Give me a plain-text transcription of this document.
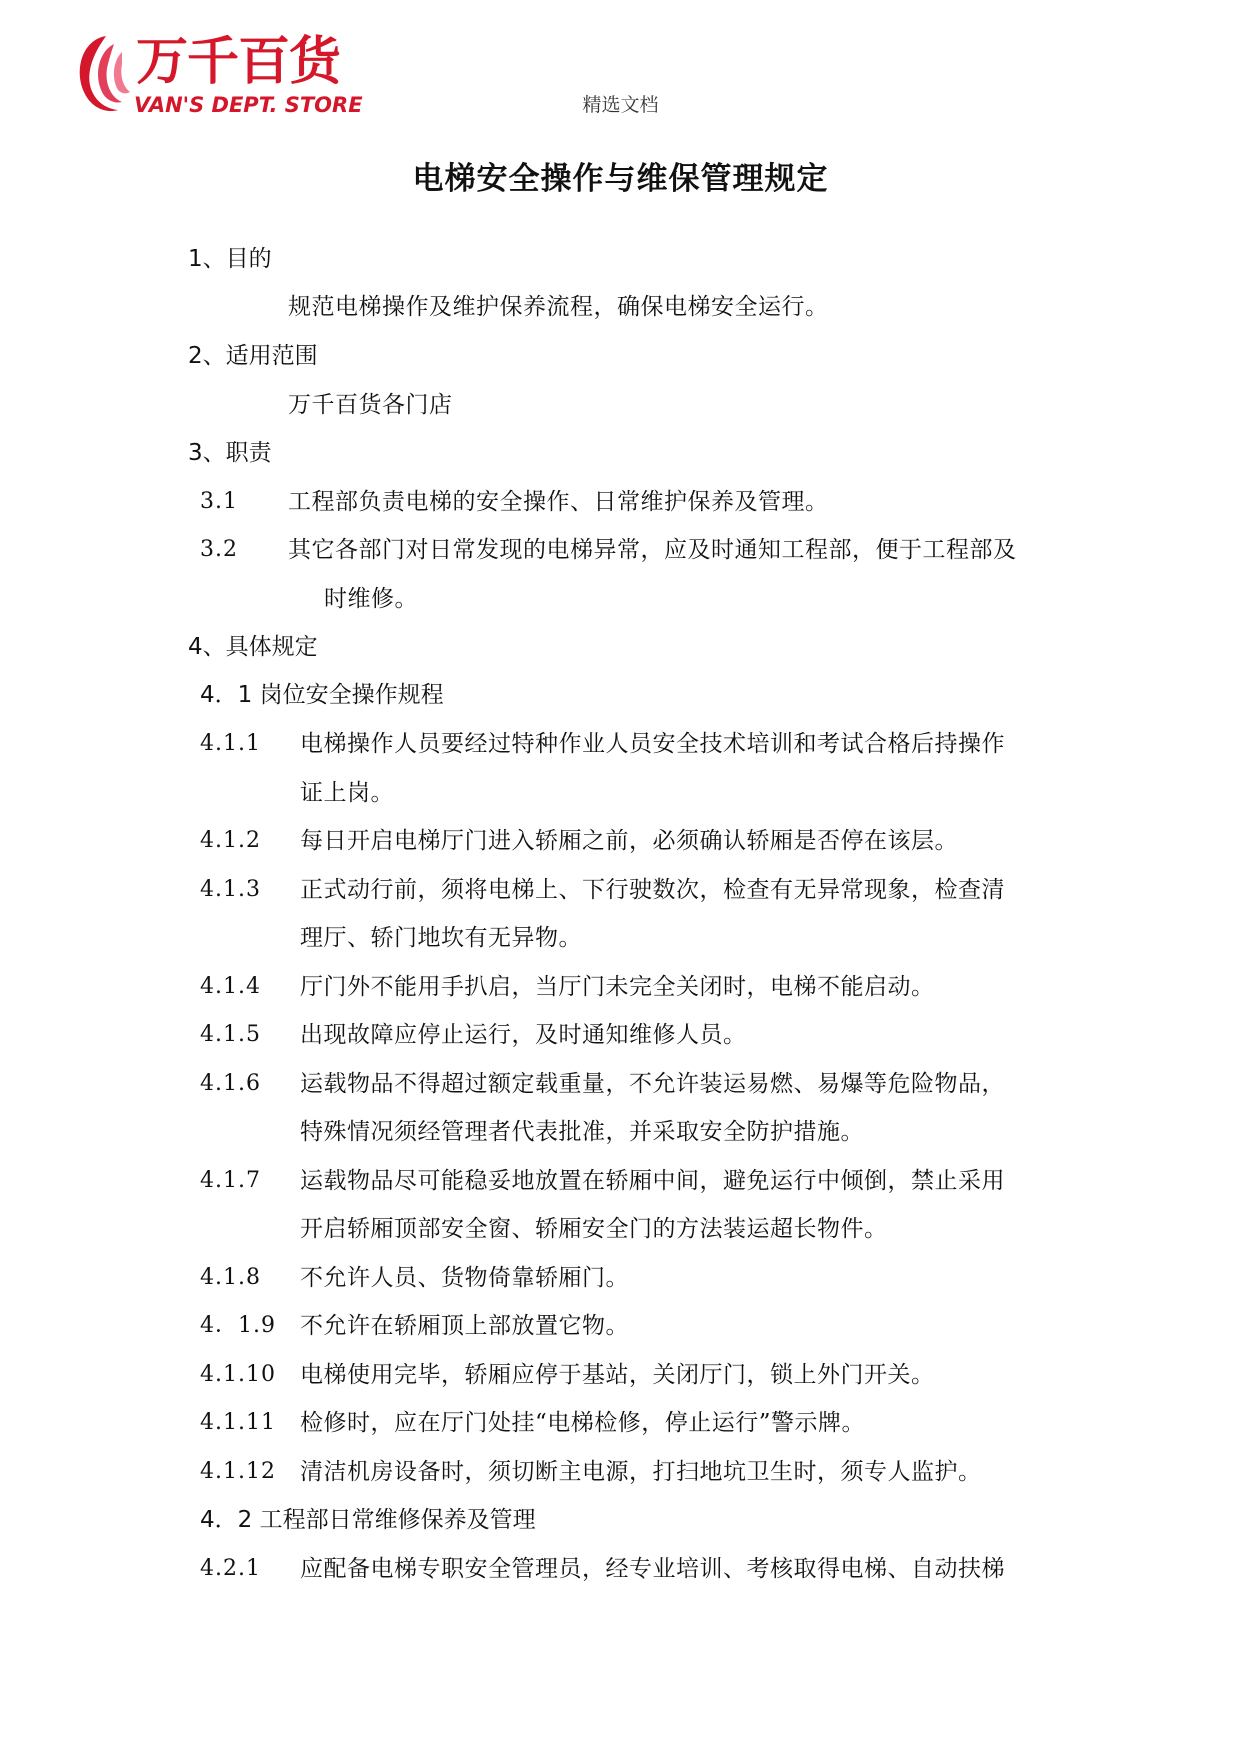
万千百货
VAN'S DEPT. STORE	精选文档
电梯安全操作与维保管理规定
1、目的
规范电梯操作及维护保养流程，确保电梯安全运行。
2、适用范围
万千百货各门店
3、职责
3.1 工程部负责电梯的安全操作、日常维护保养及管理。
3.2 其它各部门对日常发现的电梯异常，应及时通知工程部，便于工程部及
时维修。
4、具体规定
4．1 岗位安全操作规程
4.1.1 电梯操作人员要经过特种作业人员安全技术培训和考试合格后持操作
证上岗。
4.1.2 每日开启电梯厅门进入轿厢之前，必须确认轿厢是否停在该层。
4.1.3 正式动行前，须将电梯上、下行驶数次，检查有无异常现象，检查清
理厅、轿门地坎有无异物。
4.1.4 厅门外不能用手扒启，当厅门未完全关闭时，电梯不能启动。
4.1.5 出现故障应停止运行，及时通知维修人员。
4.1.6 运载物品不得超过额定载重量，不允许装运易燃、易爆等危险物品，
特殊情况须经管理者代表批准，并采取安全防护措施。
4.1.7 运载物品尽可能稳妥地放置在轿厢中间，避免运行中倾倒，禁止采用
开启轿厢顶部安全窗、轿厢安全门的方法装运超长物件。
4.1.8 不允许人员、货物倚靠轿厢门。
4．1.9 不允许在轿厢顶上部放置它物。
4.1.10 电梯使用完毕，轿厢应停于基站，关闭厅门，锁上外门开关。
4.1.11 检修时，应在厅门处挂“电梯检修，停止运行”警示牌。
4.1.12 清洁机房设备时，须切断主电源，打扫地坑卫生时，须专人监护。
4．2 工程部日常维修保养及管理
4.2.1 应配备电梯专职安全管理员，经专业培训、考核取得电梯、自动扶梯
